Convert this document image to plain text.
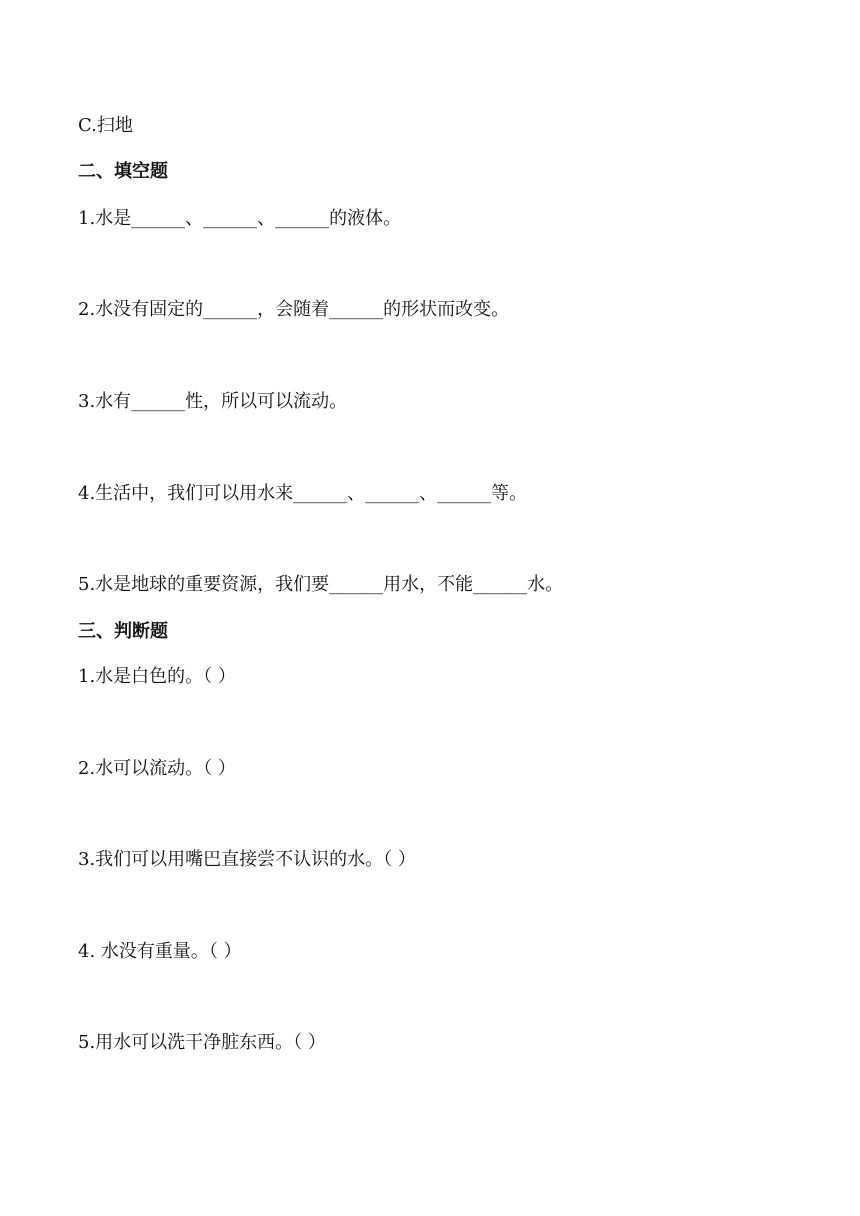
C.扫地
二、填空题
1.水是______、______、______的液体。
2.水没有固定的______，会随着______的形状而改变。
3.水有______性，所以可以流动。
4.生活中，我们可以用水来______、______、______等。
5.水是地球的重要资源，我们要______用水，不能______水。
三、判断题
1.水是白色的。（ ）
2.水可以流动。（ ）
3.我们可以用嘴巴直接尝不认识的水。（ ）
4. 水没有重量。（ ）
5.用水可以洗干净脏东西。（ ）
